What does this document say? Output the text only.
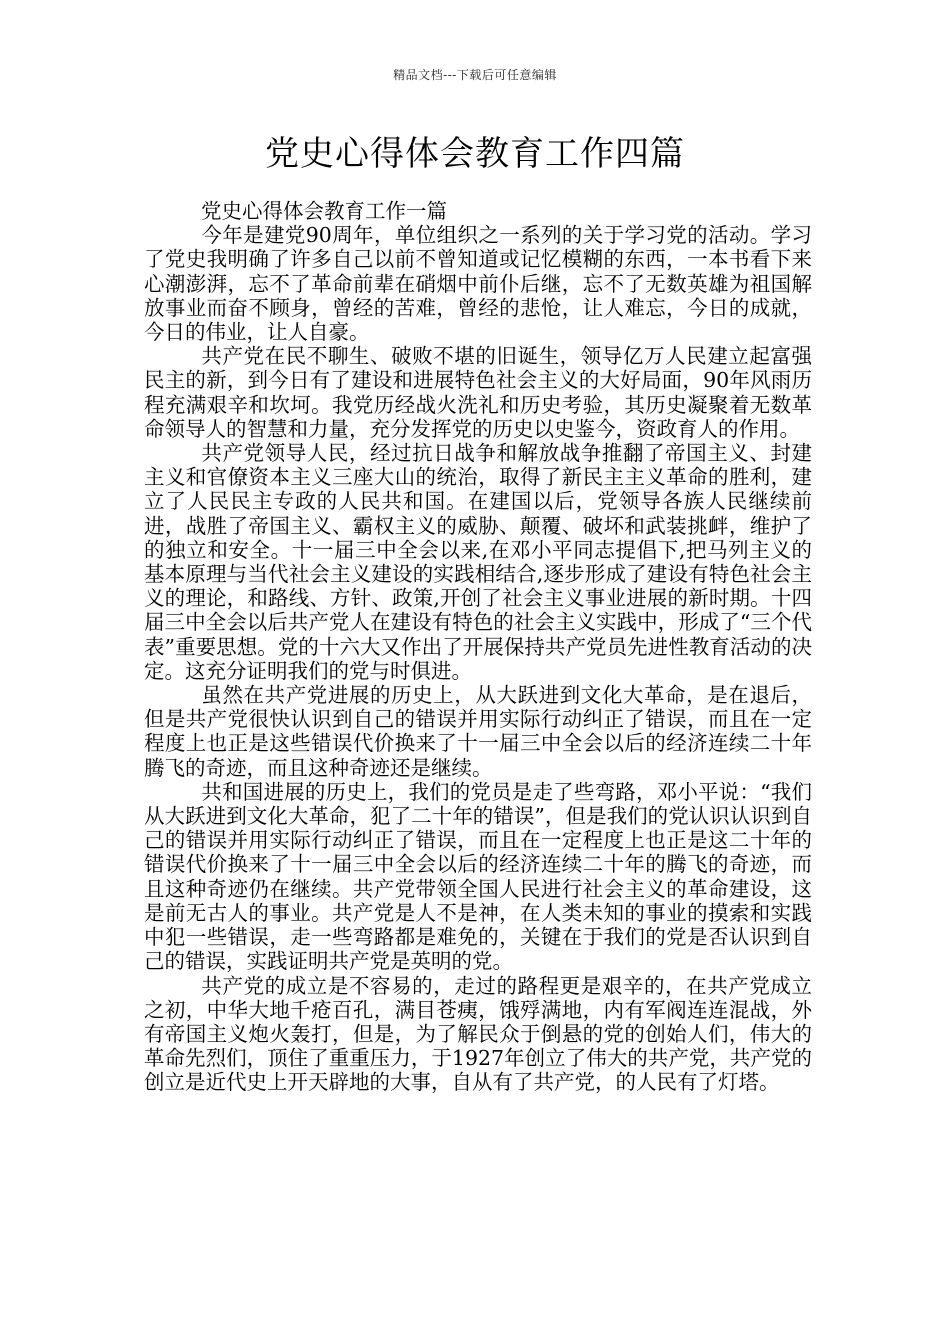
精品文档---下载后可任意编辑
党史心得体会教育工作四篇
党史心得体会教育工作一篇

今年是建党90周年，单位组织之一系列的关于学习党的活动。学习了党史我明确了许多自己以前不曾知道或记忆模糊的东西，一本书看下来心潮澎湃，忘不了革命前辈在硝烟中前仆后继，忘不了无数英雄为祖国解放事业而奋不顾身，曾经的苦难，曾经的悲怆，让人难忘，今日的成就，今日的伟业，让人自豪。

共产党在民不聊生、破败不堪的旧诞生，领导亿万人民建立起富强民主的新，到今日有了建设和进展特色社会主义的大好局面，90年风雨历程充满艰辛和坎坷。我党历经战火洗礼和历史考验，其历史凝聚着无数革命领导人的智慧和力量，充分发挥党的历史以史鉴今，资政育人的作用。

共产党领导人民，经过抗日战争和解放战争推翻了帝国主义、封建主义和官僚资本主义三座大山的统治，取得了新民主主义革命的胜利，建立了人民民主专政的人民共和国。在建国以后，党领导各族人民继续前进，战胜了帝国主义、霸权主义的威胁、颠覆、破坏和武装挑衅，维护了的独立和安全。十一届三中全会以来,在邓小平同志提倡下,把马列主义的基本原理与当代社会主义建设的实践相结合,逐步形成了建设有特色社会主义的理论，和路线、方针、政策,开创了社会主义事业进展的新时期。十四届三中全会以后共产党人在建设有特色的社会主义实践中，形成了“三个代表”重要思想。党的十六大又作出了开展保持共产党员先进性教育活动的决定。这充分证明我们的党与时俱进。

虽然在共产党进展的历史上，从大跃进到文化大革命，是在退后，但是共产党很快认识到自己的错误并用实际行动纠正了错误，而且在一定程度上也正是这些错误代价换来了十一届三中全会以后的经济连续二十年腾飞的奇迹，而且这种奇迹还是继续。

共和国进展的历史上，我们的党员是走了些弯路，邓小平说：“我们从大跃进到文化大革命，犯了二十年的错误”，但是我们的党认识认识到自己的错误并用实际行动纠正了错误，而且在一定程度上也正是这二十年的错误代价换来了十一届三中全会以后的经济连续二十年的腾飞的奇迹，而且这种奇迹仍在继续。共产党带领全国人民进行社会主义的革命建设，这是前无古人的事业。共产党是人不是神，在人类未知的事业的摸索和实践中犯一些错误，走一些弯路都是难免的，关键在于我们的党是否认识到自己的错误，实践证明共产党是英明的党。

共产党的成立是不容易的，走过的路程更是艰辛的，在共产党成立之初，中华大地千疮百孔，满目苍痍，饿殍满地，内有军阀连连混战，外有帝国主义炮火轰打，但是，为了解民众于倒悬的党的创始人们，伟大的革命先烈们，顶住了重重压力，于1927年创立了伟大的共产党，共产党的创立是近代史上开天辟地的大事，自从有了共产党，的人民有了灯塔。
